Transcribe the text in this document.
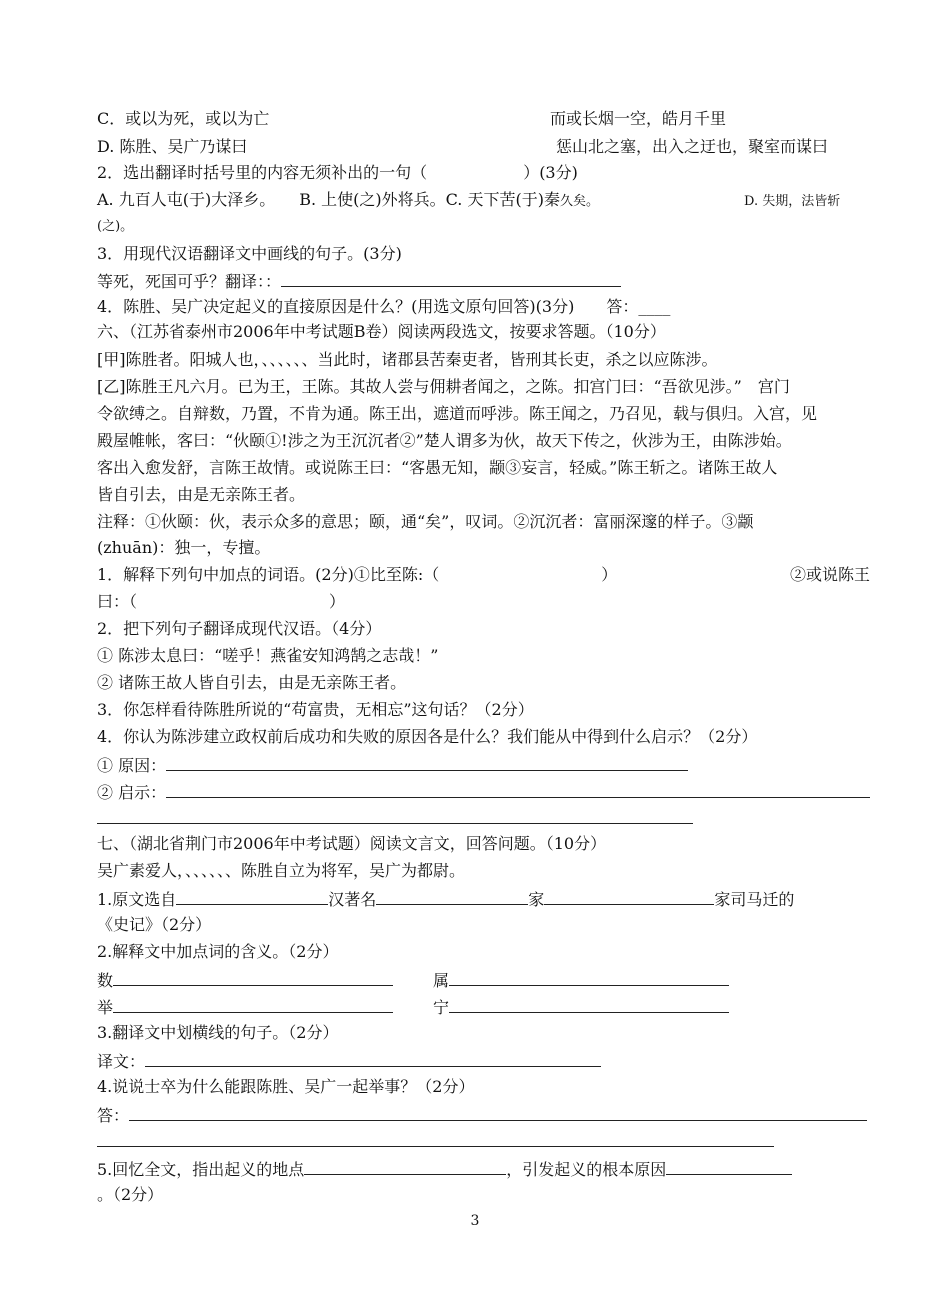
C．或以为死，或以为亡	而或长烟一空，皓月千里
D. 陈胜、吴广乃谋曰	惩山北之塞，出入之迂也，聚室而谋曰
2．选出翻译时括号里的内容无须补出的一句（	）(3分)
A. 九百人屯(于)大泽乡。　　B. 上使(之)外将兵。C. 天下苦(于)秦久矣。	D. 失期，法皆斩
(之)。
3．用现代汉语翻译文中画线的句子。(3分)
等死，死国可乎？翻译：：
4．陈胜、吴广决定起义的直接原因是什么？(用选文原句回答)(3分)　　答：____
六、（江苏省泰州市2006年中考试题B卷）阅读两段选文，按要求答题。（10分）
[甲]陈胜者。阳城人也，、、、、、、当此时，诸郡县苦秦吏者，皆刑其长吏，杀之以应陈涉。
[乙]陈胜王凡六月。已为王，王陈。其故人尝与佣耕者闻之，之陈。扣宫门曰：“吾欲见涉。”　宫门
令欲缚之。自辩数，乃置，不肯为通。陈王出，遮道而呼涉。陈王闻之，乃召见，载与俱归。入宫，见
殿屋帷帐，客曰：“伙颐①!涉之为王沉沉者②”楚人谓多为伙，故天下传之，伙涉为王，由陈涉始。
客出入愈发舒，言陈王故情。或说陈王曰：“客愚无知，颛③妄言，轻威。”陈王斩之。诸陈王故人
皆自引去，由是无亲陈王者。
注释：①伙颐：伙，表示众多的意思；颐，通“矣”，叹词。②沉沉者：富丽深邃的样子。③颛
(zhuān)：独一，专擅。
1．解释下列句中加点的词语。(2分)①比至陈:（	）	②或说陈王
曰：（	）
2．把下列句子翻译成现代汉语。（4分）
① 陈涉太息曰：“嗟乎！燕雀安知鸿鹄之志哉！”
② 诸陈王故人皆自引去，由是无亲陈王者。
3．你怎样看待陈胜所说的“苟富贵，无相忘”这句话？（2分）
4．你认为陈涉建立政权前后成功和失败的原因各是什么？我们能从中得到什么启示？（2分）
① 原因：
② 启示：
七、（湖北省荆门市2006年中考试题）阅读文言文，回答问题。（10分）
吴广素爱人，、、、、、、陈胜自立为将军，吴广为都尉。
1.原文选自	汉著名	家	家司马迁的
《史记》（2分）
2.解释文中加点词的含义。（2分）
数	属
举	宁
3.翻译文中划横线的句子。（2分）
译文：
4.说说士卒为什么能跟陈胜、吴广一起举事？（2分）
答：
5.回忆全文，指出起义的地点	，引发起义的根本原因
。（2分）
3
